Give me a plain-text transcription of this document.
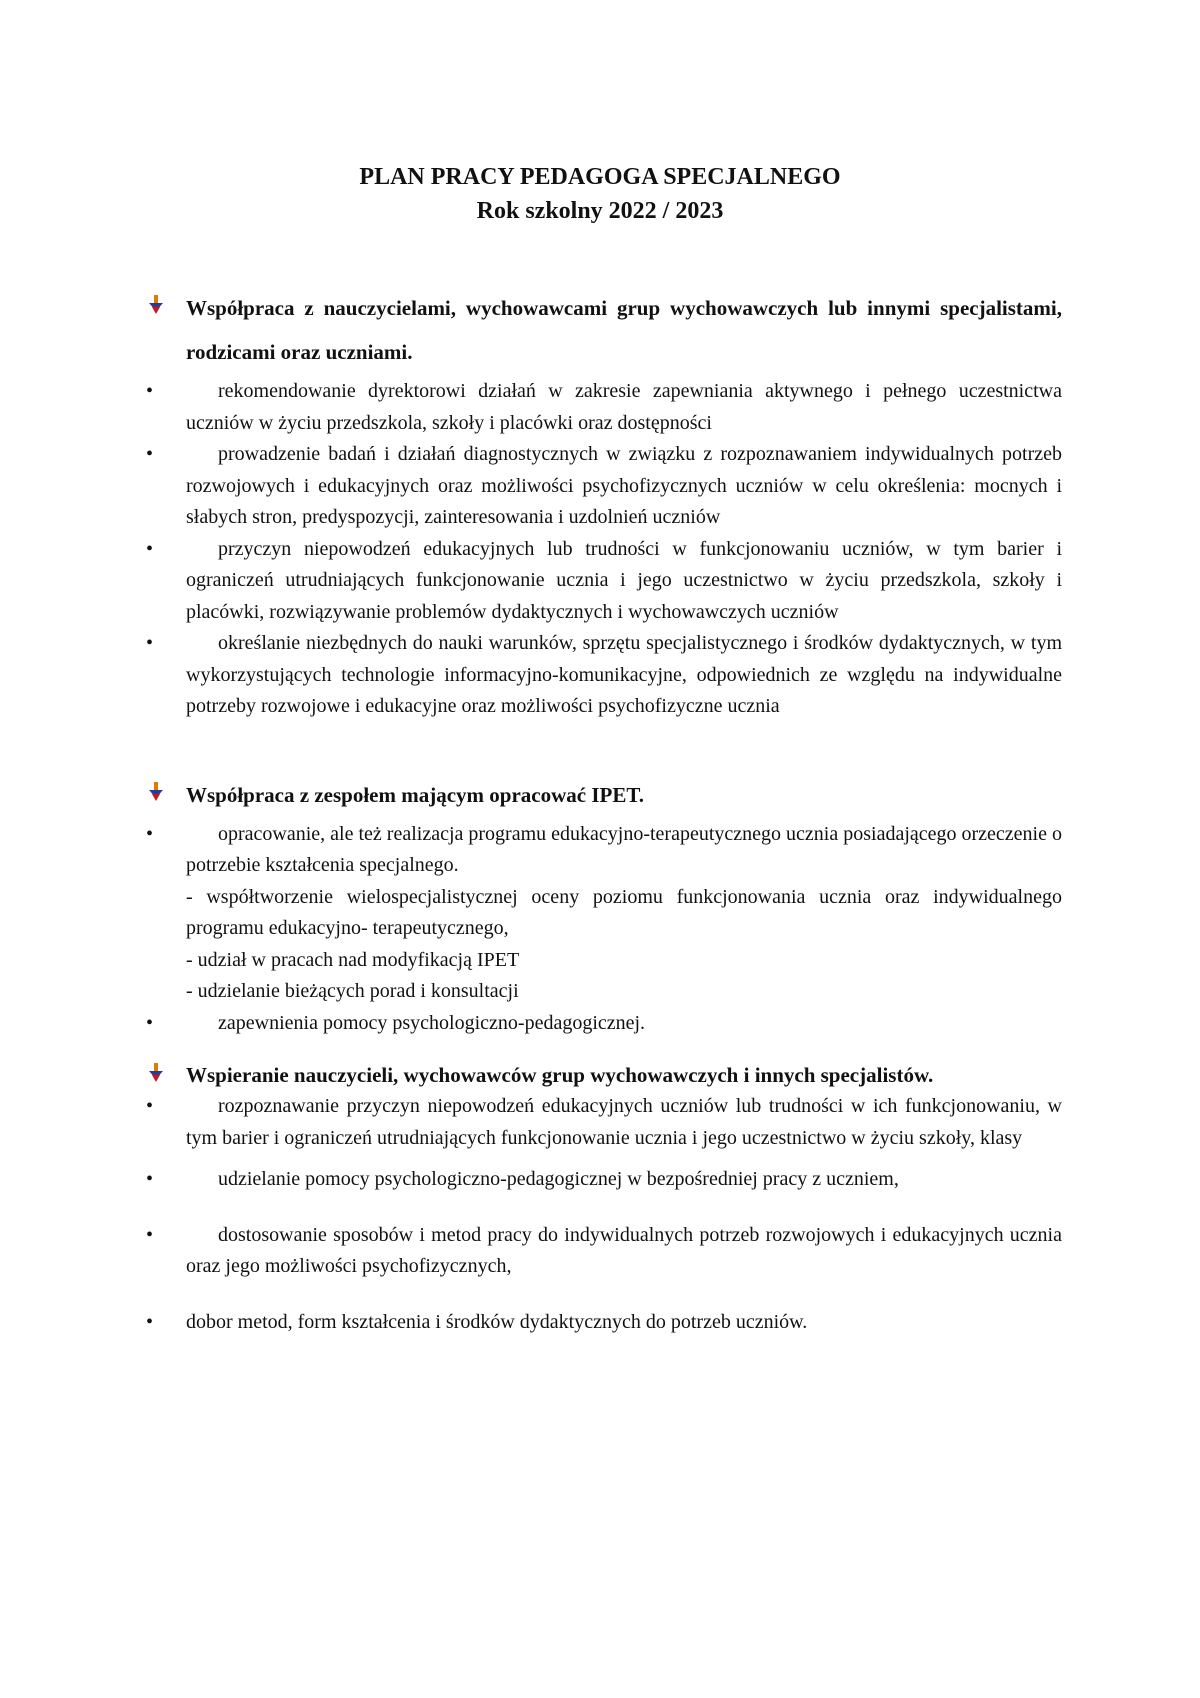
PLAN PRACY PEDAGOGA SPECJALNEGO
Rok szkolny 2022 / 2023
Współpraca z nauczycielami, wychowawcami grup wychowawczych lub innymi specjalistami, rodzicami oraz uczniami.
•	rekomendowanie dyrektorowi działań w zakresie zapewniania aktywnego i pełnego uczestnictwa uczniów w życiu przedszkola, szkoły i placówki oraz dostępności
•	prowadzenie badań i działań diagnostycznych w związku z rozpoznawaniem indywidualnych potrzeb rozwojowych i edukacyjnych oraz możliwości psychofizycznych uczniów w celu określenia: mocnych i słabych stron, predyspozycji, zainteresowania i uzdolnień uczniów
•	przyczyn niepowodzeń edukacyjnych lub trudności w funkcjonowaniu uczniów, w tym barier i ograniczeń utrudniających funkcjonowanie ucznia i jego uczestnictwo w życiu przedszkola, szkoły i placówki, rozwiązywanie problemów dydaktycznych i wychowawczych uczniów
•	określanie niezbędnych do nauki warunków, sprzętu specjalistycznego i środków dydaktycznych, w tym wykorzystujących technologie informacyjno-komunikacyjne, odpowiednich ze względu na indywidualne potrzeby rozwojowe i edukacyjne oraz możliwości psychofizyczne ucznia
Współpraca z zespołem mającym opracować IPET.
•	opracowanie, ale też realizacja programu edukacyjno-terapeutycznego ucznia posiadającego orzeczenie o potrzebie kształcenia specjalnego.
- współtworzenie wielospecjalistycznej oceny poziomu funkcjonowania ucznia oraz indywidualnego programu edukacyjno- terapeutycznego,
- udział w pracach nad modyfikacją IPET
- udzielanie bieżących porad i konsultacji
•	zapewnienia pomocy psychologiczno-pedagogicznej.
Wspieranie nauczycieli, wychowawców grup wychowawczych i innych specjalistów.
•	rozpoznawanie przyczyn niepowodzeń edukacyjnych uczniów lub trudności w ich funkcjonowaniu, w tym barier i ograniczeń utrudniających funkcjonowanie ucznia i jego uczestnictwo w życiu szkoły, klasy
•	udzielanie pomocy psychologiczno-pedagogicznej w bezpośredniej pracy z uczniem,
•	dostosowanie sposobów i metod pracy do indywidualnych potrzeb rozwojowych i edukacyjnych ucznia oraz jego możliwości psychofizycznych,
• dobor metod, form kształcenia i środków dydaktycznych do potrzeb uczniów.
